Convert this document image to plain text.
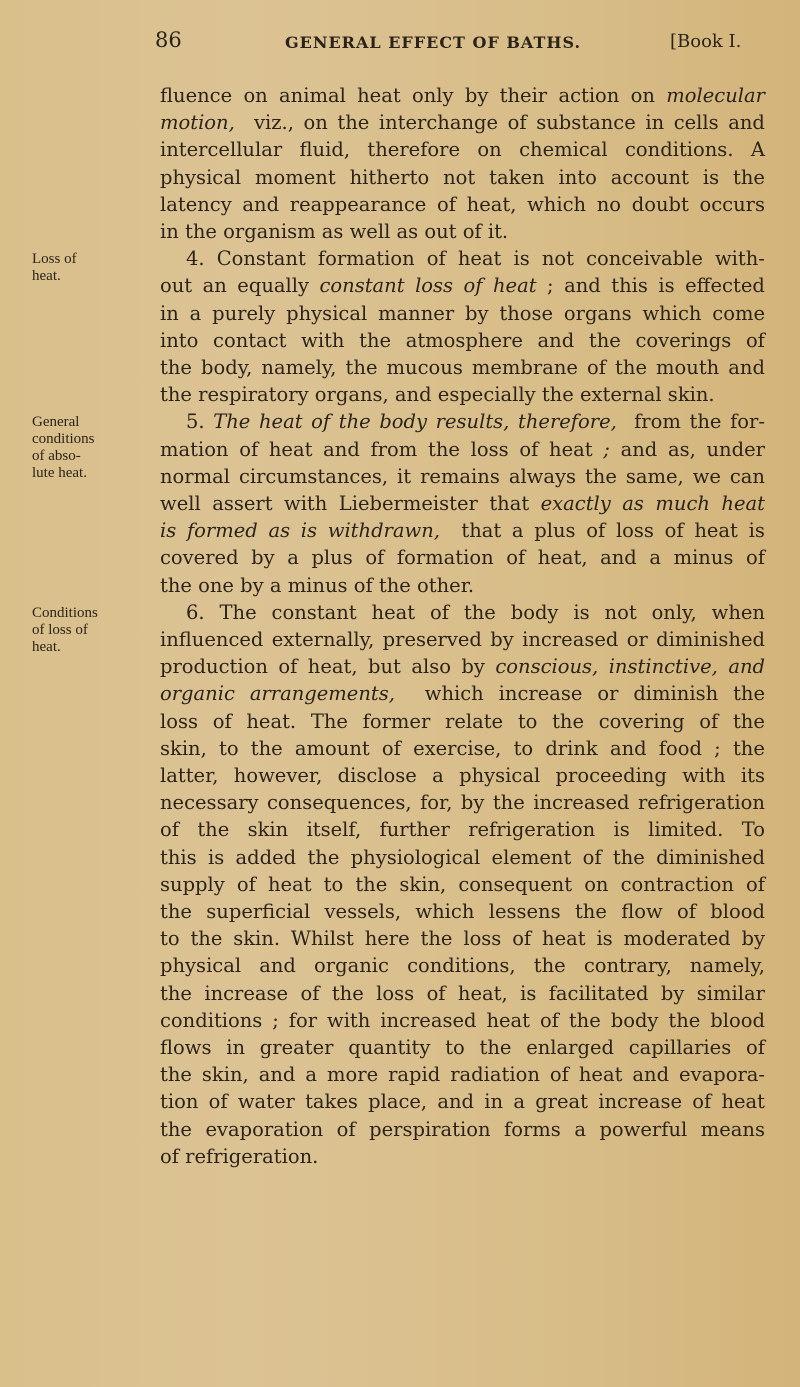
86	GENERAL EFFECT OF BATHS.	[Book I.
fluence on animal heat only by their action on molecular
motion, viz., on the interchange of substance in cells and
intercellular fluid, therefore on chemical conditions. A
physical moment hitherto not taken into account is the
latency and reappearance of heat, which no doubt occurs
in the organism as well as out of it.
4. Constant formation of heat is not conceivable with-
out an equally constant loss of heat ; and this is effected
in a purely physical manner by those organs which come
into contact with the atmosphere and the coverings of
the body, namely, the mucous membrane of the mouth and
the respiratory organs, and especially the external skin.
5. The heat of the body results, therefore, from the for-
mation of heat and from the loss of heat ; and as, under
normal circumstances, it remains always the same, we can
well assert with Liebermeister that exactly as much heat
is formed as is withdrawn, that a plus of loss of heat is
covered by a plus of formation of heat, and a minus of
the one by a minus of the other.
6. The constant heat of the body is not only, when
influenced externally, preserved by increased or diminished
production of heat, but also by conscious, instinctive, and
organic arrangements, which increase or diminish the
loss of heat. The former relate to the covering of the
skin, to the amount of exercise, to drink and food ; the
latter, however, disclose a physical proceeding with its
necessary consequences, for, by the increased refrigeration
of the skin itself, further refrigeration is limited. To
this is added the physiological element of the diminished
supply of heat to the skin, consequent on contraction of
the superficial vessels, which lessens the flow of blood
to the skin. Whilst here the loss of heat is moderated by
physical and organic conditions, the contrary, namely,
the increase of the loss of heat, is facilitated by similar
conditions ; for with increased heat of the body the blood
flows in greater quantity to the enlarged capillaries of
the skin, and a more rapid radiation of heat and evapora-
tion of water takes place, and in a great increase of heat
the evaporation of perspiration forms a powerful means
of refrigeration.
Loss of
heat.
General
conditions
of abso-
lute heat.
Conditions
of loss of
heat.
